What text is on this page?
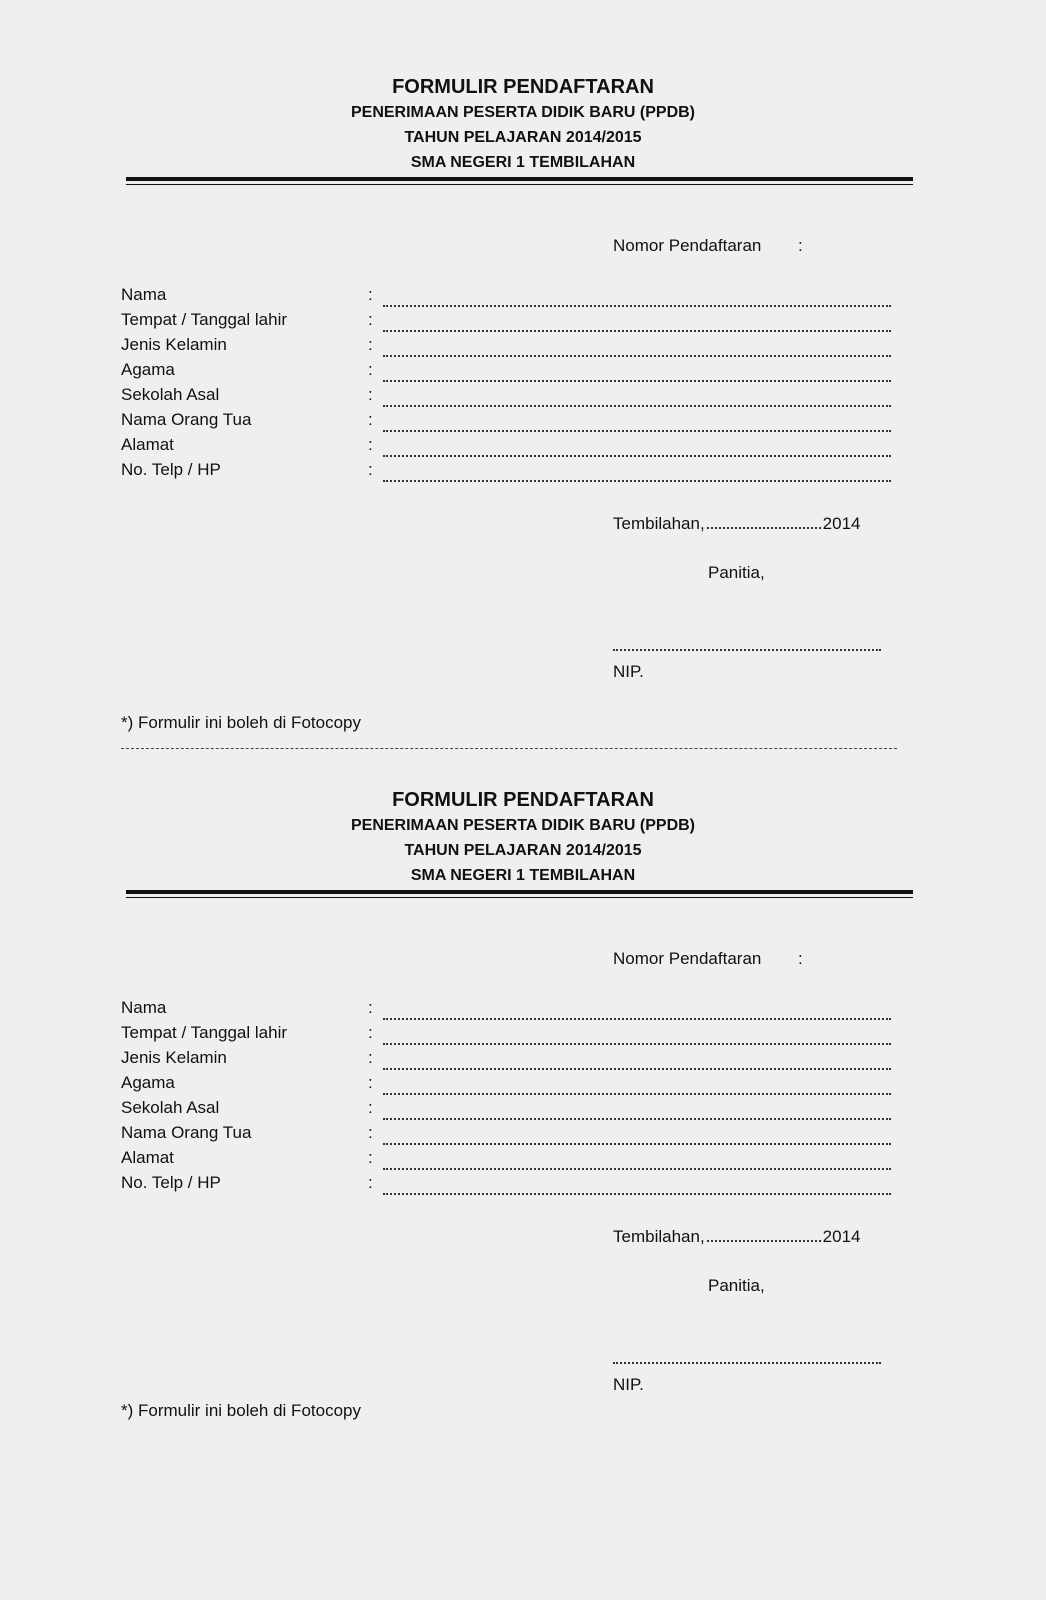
FORMULIR PENDAFTARAN
PENERIMAAN PESERTA DIDIK BARU (PPDB)
TAHUN PELAJARAN 2014/2015
SMA NEGERI 1 TEMBILAHAN
Nomor Pendaftaran :
Nama	:
Tempat / Tanggal lahir	:
Jenis Kelamin	:
Agama	:
Sekolah Asal	:
Nama Orang Tua	:
Alamat	:
No. Telp / HP	:
Tembilahan,	2014
Panitia,
NIP.
*) Formulir ini boleh di Fotocopy
FORMULIR PENDAFTARAN
PENERIMAAN PESERTA DIDIK BARU (PPDB)
TAHUN PELAJARAN 2014/2015
SMA NEGERI 1 TEMBILAHAN
Nomor Pendaftaran :
Nama	:
Tempat / Tanggal lahir	:
Jenis Kelamin	:
Agama	:
Sekolah Asal	:
Nama Orang Tua	:
Alamat	:
No. Telp / HP	:
Tembilahan,	2014
Panitia,
NIP.
*) Formulir ini boleh di Fotocopy
